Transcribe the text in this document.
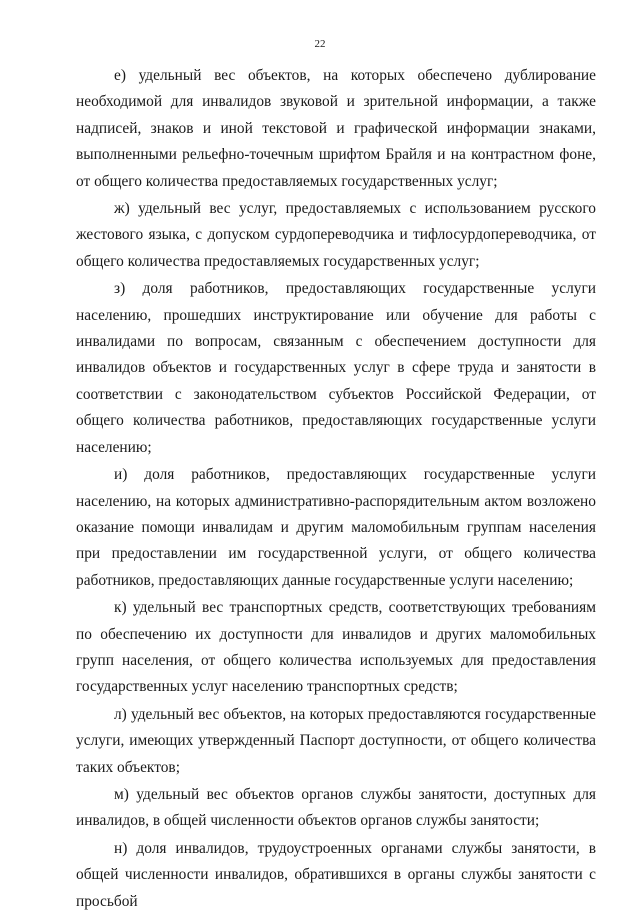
22

е) удельный вес объектов, на которых обеспечено дублирование необходимой для инвалидов звуковой и зрительной информации, а также надписей, знаков и иной текстовой и графической информации знаками, выполненными рельефно-точечным шрифтом Брайля и на контрастном фоне, от общего количества предоставляемых государственных услуг;

ж) удельный вес услуг, предоставляемых с использованием русского жестового языка, с допуском сурдопереводчика и тифлосурдопереводчика, от общего количества предоставляемых государственных услуг;

з) доля работников, предоставляющих государственные услуги населению, прошедших инструктирование или обучение для работы с инвалидами по вопросам, связанным с обеспечением доступности для инвалидов объектов и государственных услуг в сфере труда и занятости в соответствии с законодательством субъектов Российской Федерации, от общего количества работников, предоставляющих государственные услуги населению;

и) доля работников, предоставляющих государственные услуги населению, на которых административно-распорядительным актом возложено оказание помощи инвалидам и другим маломобильным группам населения при предоставлении им государственной услуги, от общего количества работников, предоставляющих данные государственные услуги населению;

к) удельный вес транспортных средств, соответствующих требованиям по обеспечению их доступности для инвалидов и других маломобильных групп населения, от общего количества используемых для предоставления государственных услуг населению транспортных средств;

л) удельный вес объектов, на которых предоставляются государственные услуги, имеющих утвержденный Паспорт доступности, от общего количества таких объектов;

м) удельный вес объектов органов службы занятости, доступных для инвалидов, в общей численности объектов органов службы занятости;

н) доля инвалидов, трудоустроенных органами службы занятости, в общей численности инвалидов, обратившихся в органы службы занятости с просьбой
